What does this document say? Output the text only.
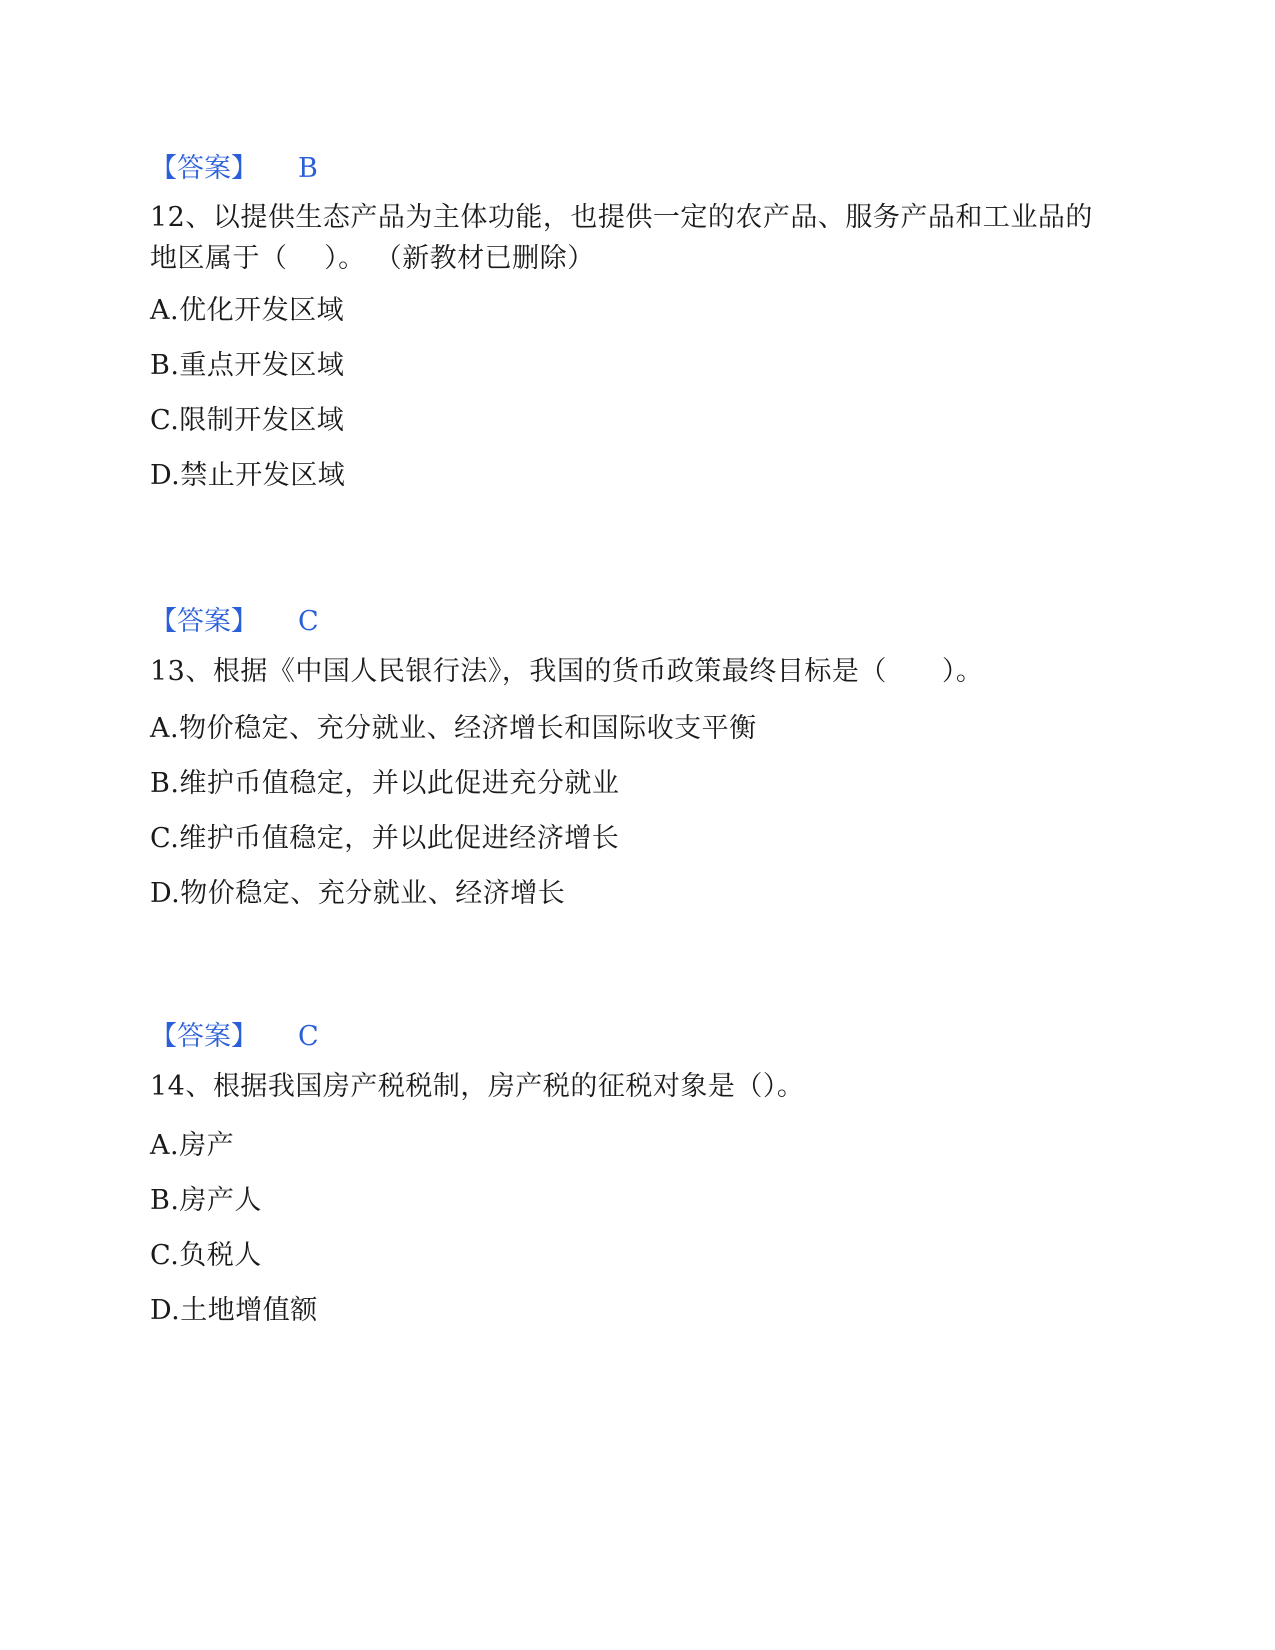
【答案】 B
12、以提供生态产品为主体功能，也提供一定的农产品、服务产品和工业品的地区属于（　 ）。 （新教材已删除）
A.优化开发区域
B.重点开发区域
C.限制开发区域
D.禁止开发区域
【答案】 C
13、根据《中国人民银行法》，我国的货币政策最终目标是（　　）。
A.物价稳定、充分就业、经济增长和国际收支平衡
B.维护币值稳定，并以此促进充分就业
C.维护币值稳定，并以此促进经济增长
D.物价稳定、充分就业、经济增长
【答案】 C
14、根据我国房产税税制，房产税的征税对象是（）。
A.房产
B.房产人
C.负税人
D.土地增值额
